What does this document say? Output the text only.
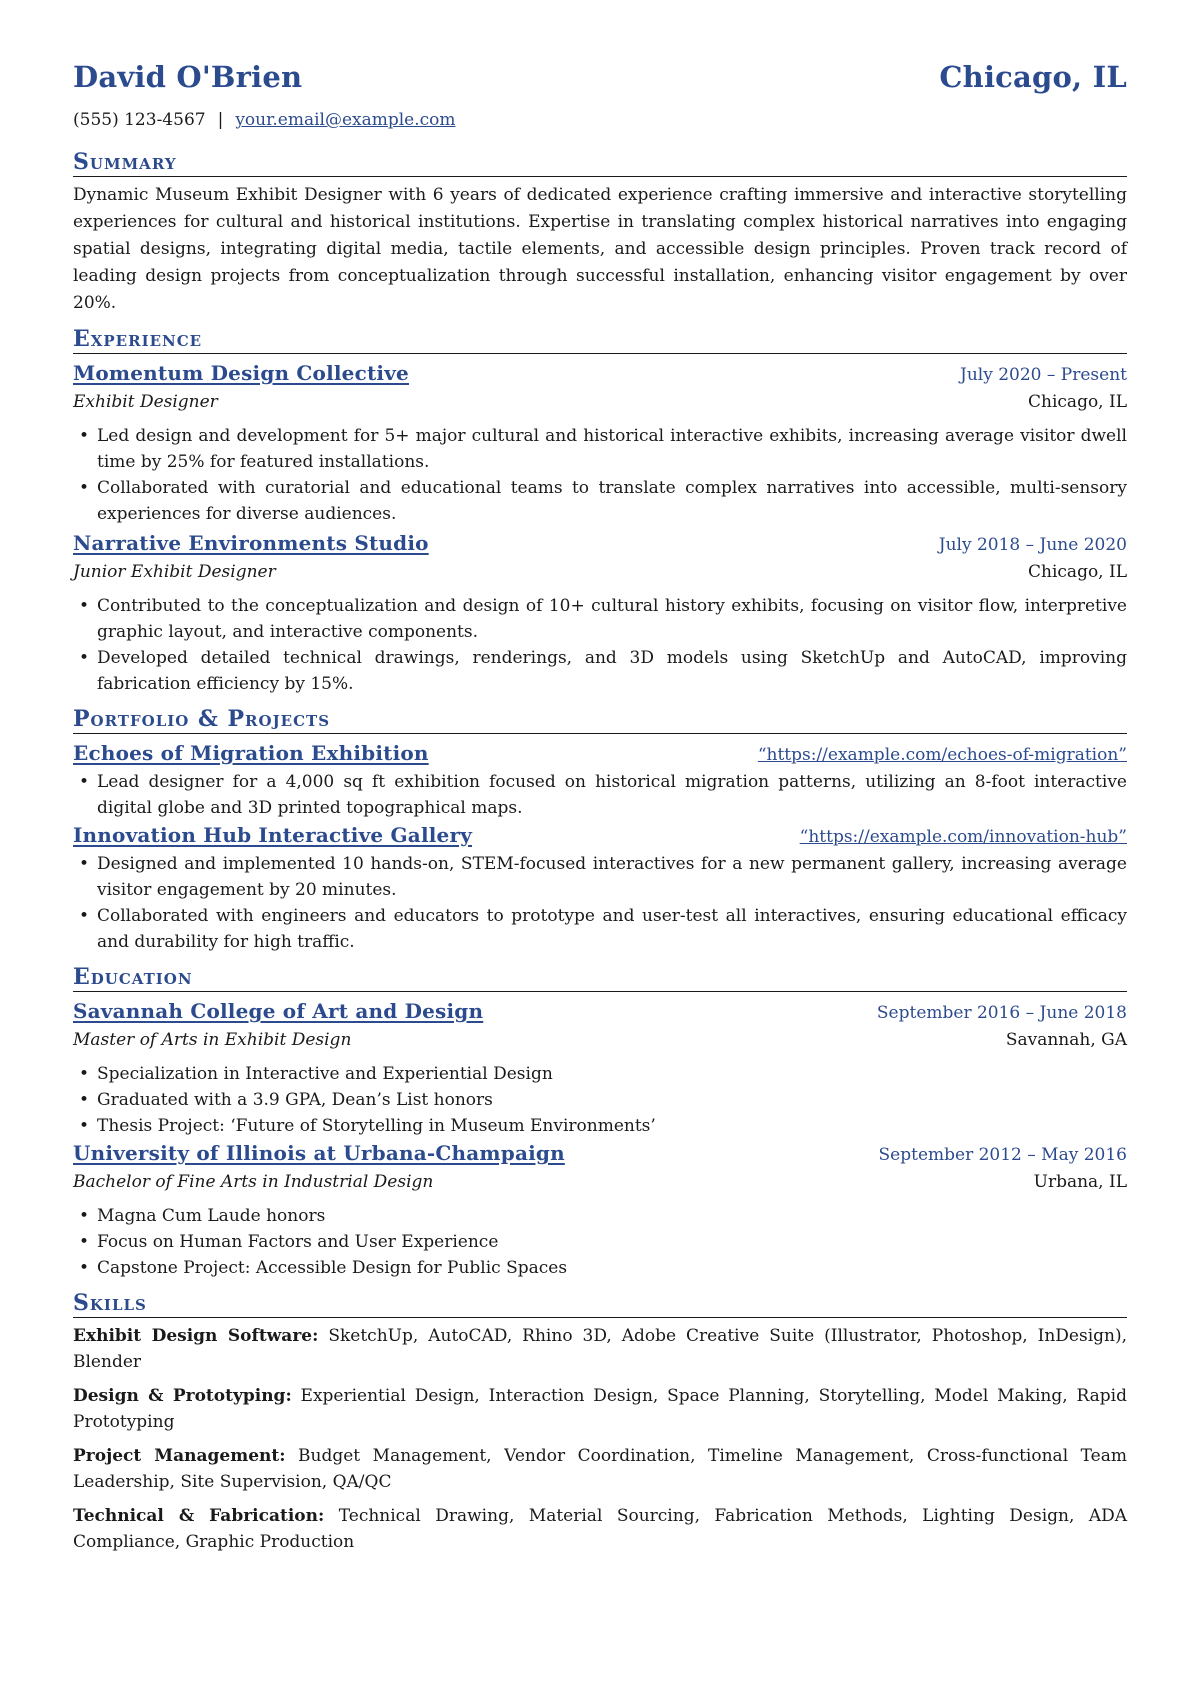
David O'Brien	Chicago, IL
(555) 123-4567 | your.email@example.com
Summary
Dynamic Museum Exhibit Designer with 6 years of dedicated experience crafting immersive and interactive storytelling experiences for cultural and historical institutions. Expertise in translating complex historical narratives into engaging spatial designs, integrating digital media, tactile elements, and accessible design principles. Proven track record of leading design projects from conceptualization through successful installation, enhancing visitor engagement by over 20%.
Experience
Momentum Design Collective	July 2020 – Present
Exhibit Designer	Chicago, IL
• Led design and development for 5+ major cultural and historical interactive exhibits, increasing average visitor dwell time by 25% for featured installations.
• Collaborated with curatorial and educational teams to translate complex narratives into accessible, multi-sensory experiences for diverse audiences.
Narrative Environments Studio	July 2018 – June 2020
Junior Exhibit Designer	Chicago, IL
• Contributed to the conceptualization and design of 10+ cultural history exhibits, focusing on visitor flow, interpretive graphic layout, and interactive components.
• Developed detailed technical drawings, renderings, and 3D models using SketchUp and AutoCAD, improving fabrication efficiency by 15%.
Portfolio & Projects
Echoes of Migration Exhibition	“https://example.com/echoes-of-migration”
• Lead designer for a 4,000 sq ft exhibition focused on historical migration patterns, utilizing an 8-foot interactive digital globe and 3D printed topographical maps.
Innovation Hub Interactive Gallery	“https://example.com/innovation-hub”
• Designed and implemented 10 hands-on, STEM-focused interactives for a new permanent gallery, increasing average visitor engagement by 20 minutes.
• Collaborated with engineers and educators to prototype and user-test all interactives, ensuring educational efficacy and durability for high traffic.
Education
Savannah College of Art and Design	September 2016 – June 2018
Master of Arts in Exhibit Design	Savannah, GA
• Specialization in Interactive and Experiential Design
• Graduated with a 3.9 GPA, Dean’s List honors
• Thesis Project: ‘Future of Storytelling in Museum Environments’
University of Illinois at Urbana-Champaign	September 2012 – May 2016
Bachelor of Fine Arts in Industrial Design	Urbana, IL
• Magna Cum Laude honors
• Focus on Human Factors and User Experience
• Capstone Project: Accessible Design for Public Spaces
Skills
Exhibit Design Software: SketchUp, AutoCAD, Rhino 3D, Adobe Creative Suite (Illustrator, Photoshop, InDesign), Blender
Design & Prototyping: Experiential Design, Interaction Design, Space Planning, Storytelling, Model Making, Rapid Prototyping
Project Management: Budget Management, Vendor Coordination, Timeline Management, Cross-functional Team Leadership, Site Supervision, QA/QC
Technical & Fabrication: Technical Drawing, Material Sourcing, Fabrication Methods, Lighting Design, ADA Compliance, Graphic Production
